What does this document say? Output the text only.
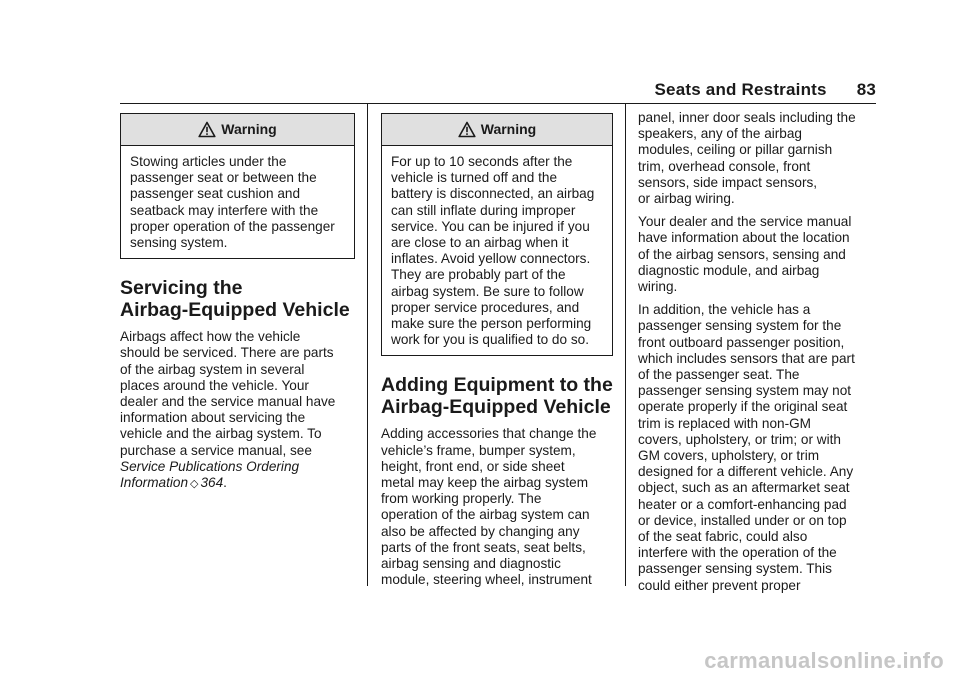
Seats and Restraints 83
Warning
Stowing articles under the
passenger seat or between the
passenger seat cushion and
seatback may interfere with the
proper operation of the passenger
sensing system.
Servicing the
Airbag-Equipped Vehicle
Airbags affect how the vehicle
should be serviced. There are parts
of the airbag system in several
places around the vehicle. Your
dealer and the service manual have
information about servicing the
vehicle and the airbag system. To
purchase a service manual, see
Service Publications Ordering
Information ◇ 364.
Warning
For up to 10 seconds after the
vehicle is turned off and the
battery is disconnected, an airbag
can still inflate during improper
service. You can be injured if you
are close to an airbag when it
inflates. Avoid yellow connectors.
They are probably part of the
airbag system. Be sure to follow
proper service procedures, and
make sure the person performing
work for you is qualified to do so.
Adding Equipment to the
Airbag-Equipped Vehicle
Adding accessories that change the
vehicle’s frame, bumper system,
height, front end, or side sheet
metal may keep the airbag system
from working properly. The
operation of the airbag system can
also be affected by changing any
parts of the front seats, seat belts,
airbag sensing and diagnostic
module, steering wheel, instrument
panel, inner door seals including the
speakers, any of the airbag
modules, ceiling or pillar garnish
trim, overhead console, front
sensors, side impact sensors,
or airbag wiring.
Your dealer and the service manual
have information about the location
of the airbag sensors, sensing and
diagnostic module, and airbag
wiring.
In addition, the vehicle has a
passenger sensing system for the
front outboard passenger position,
which includes sensors that are part
of the passenger seat. The
passenger sensing system may not
operate properly if the original seat
trim is replaced with non-GM
covers, upholstery, or trim; or with
GM covers, upholstery, or trim
designed for a different vehicle. Any
object, such as an aftermarket seat
heater or a comfort-enhancing pad
or device, installed under or on top
of the seat fabric, could also
interfere with the operation of the
passenger sensing system. This
could either prevent proper
carmanualsonline.info
